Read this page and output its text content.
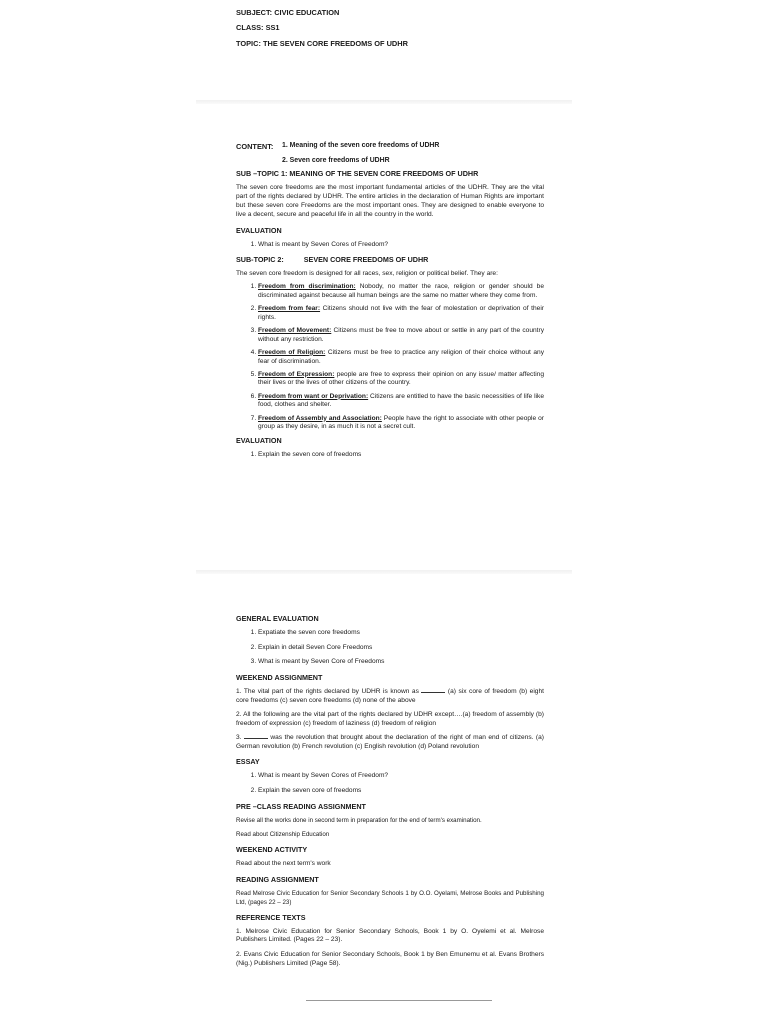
SUBJECT: CIVIC EDUCATION
CLASS: SS1
TOPIC: THE SEVEN CORE FREEDOMS OF UDHR
CONTENT:	1. Meaning of the seven core freedoms of UDHR
2. Seven core freedoms of UDHR
SUB –TOPIC 1: MEANING OF THE SEVEN CORE FREEDOMS OF UDHR
The seven core freedoms are the most important fundamental articles of the UDHR. They are the vital part of the rights declared by UDHR. The entire articles in the declaration of Human Rights are important but these seven core Freedoms are the most important ones. They are designed to enable everyone to live a decent, secure and peaceful life in all the country in the world.
EVALUATION
1. What is meant by Seven Cores of Freedom?
SUB-TOPIC 2:          SEVEN CORE FREEDOMS OF UDHR
The seven core freedom is designed for all races, sex, religion or political belief. They are:
1. Freedom from discrimination: Nobody, no matter the race, religion or gender should be discriminated against because all human beings are the same no matter where they come from.
2. Freedom from fear: Citizens should not live with the fear of molestation or deprivation of their rights.
3. Freedom of Movement: Citizens must be free to move about or settle in any part of the country without any restriction.
4. Freedom of Religion: Citizens must be free to practice any religion of their choice without any fear of discrimination.
5. Freedom of Expression: people are free to express their opinion on any issue/ matter affecting their lives or the lives of other citizens of the country.
6. Freedom from want or Deprivation: Citizens are entitled to have the basic necessities of life like food, clothes and shelter.
7. Freedom of Assembly and Association: People have the right to associate with other people or group as they desire, in as much it is not a secret cult.
EVALUATION
1. Explain the seven core of freedoms
GENERAL EVALUATION
1. Expatiate the seven core freedoms
2. Explain in detail Seven Core Freedoms
3. What is meant by Seven Core of Freedoms
WEEKEND ASSIGNMENT
1. The vital part of the rights declared by UDHR is known as	(a) six core of freedom (b) eight core freedoms (c) seven core freedoms (d) none of the above
2. All the following are the vital part of the rights declared by UDHR except….(a) freedom of assembly (b) freedom of expression (c) freedom of laziness (d) freedom of religion
3.	was the revolution that brought about the declaration of the right of man end of citizens. (a) German revolution (b) French revolution (c) English revolution (d) Poland revolution
ESSAY
1. What is meant by Seven Cores of Freedom?
2. Explain the seven core of freedoms
PRE –CLASS READING ASSIGNMENT
Revise all the works done in second term in preparation for the end of term's examination.
Read about Citizenship Education
WEEKEND ACTIVITY
Read about the next term's work
READING ASSIGNMENT
Read Melrose Civic Education for Senior Secondary Schools 1 by O.O. Oyelami, Melrose Books and Publishing Ltd, (pages 22 – 23)
REFERENCE TEXTS
1. Melrose Civic Education for Senior Secondary Schools, Book 1 by O. Oyelemi et al. Melrose Publishers Limited. (Pages 22 – 23).
2. Evans Civic Education for Senior Secondary Schools, Book 1 by Ben Emunemu et al. Evans Brothers (Nig.) Publishers Limited (Page 58).
